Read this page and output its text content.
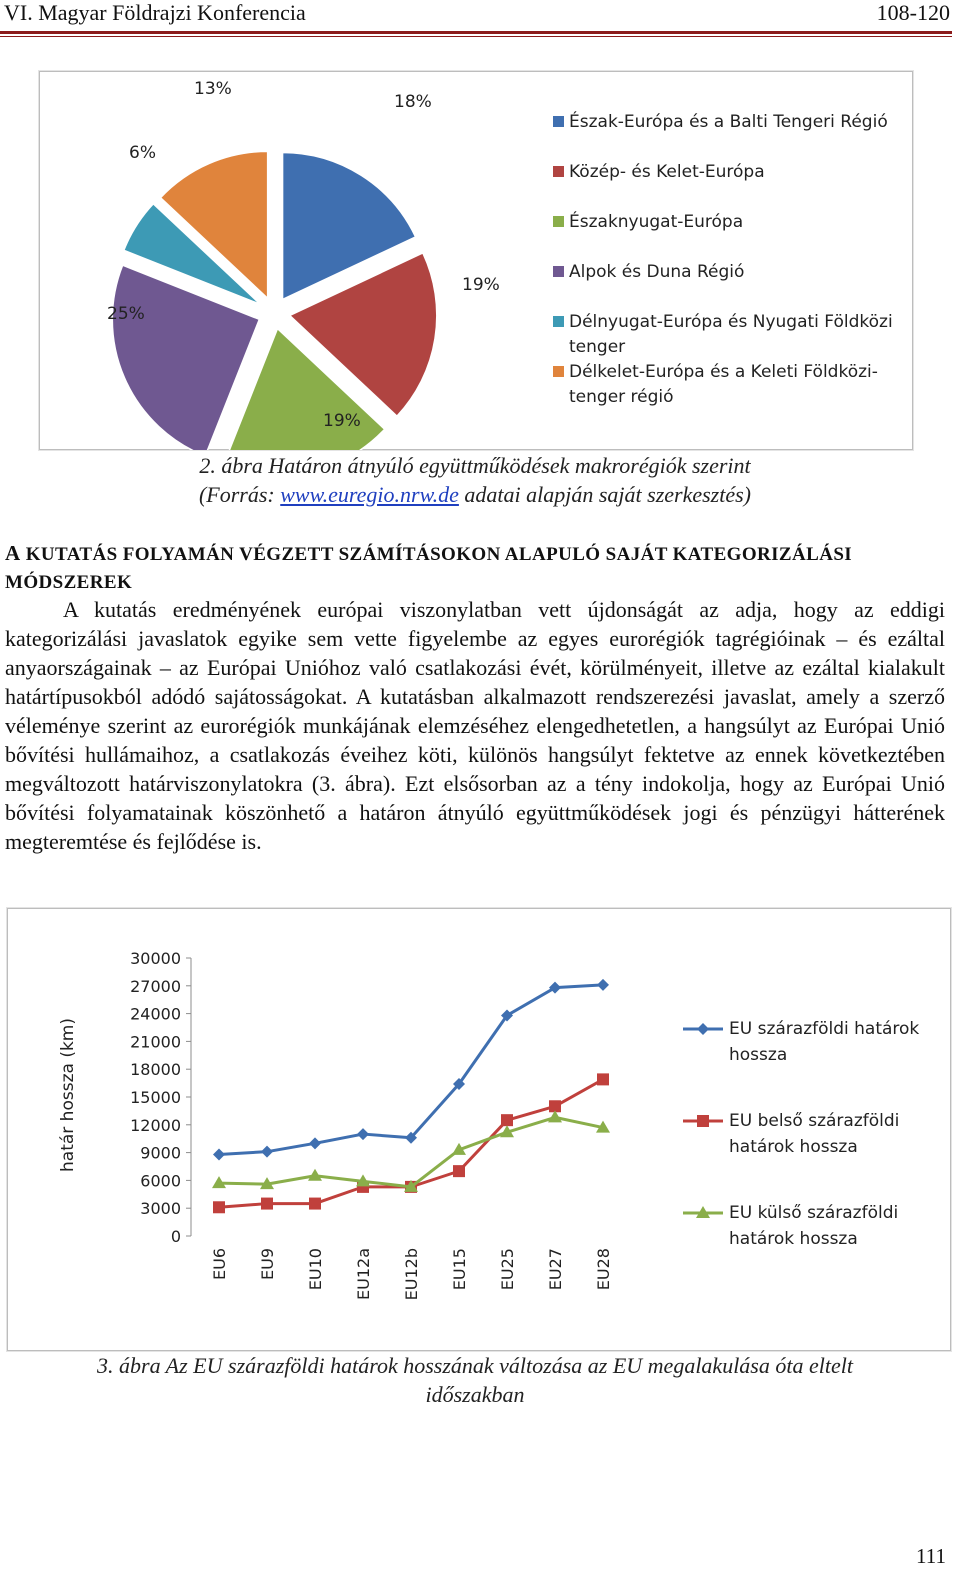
VI. Magyar Földrajzi Konferencia	108-120
18%
19%
19%
25%
6%
13%
Észak-Európa és a Balti Tengeri Régió
Közép- és Kelet-Európa
Északnyugat-Európa
Alpok és Duna Régió
Délnyugat-Európa és Nyugati Földközi
tenger
Délkelet-Európa és a Keleti Földközi-
tenger régió
2. ábra Határon átnyúló együttműködések makrorégiók szerint
(Forrás: www.euregio.nrw.de adatai alapján saját szerkesztés)
A KUTATÁS FOLYAMÁN VÉGZETT SZÁMÍTÁSOKON ALAPULÓ SAJÁT KATEGORIZÁLÁSI MÓDSZEREK
A kutatás eredményének európai viszonylatban vett újdonságát az adja, hogy az eddigi kategorizálási javaslatok egyike sem vette figyelembe az egyes eurorégiók tagrégióinak – és ezáltal anyaországainak – az Európai Unióhoz való csatlakozási évét, körülményeit, illetve az ezáltal kialakult határtípusokból adódó sajátosságokat. A kutatásban alkalmazott rendszerezési javaslat, amely a szerző véleménye szerint az eurorégiók munkájának elemzéséhez elengedhetetlen, a hangsúlyt az Európai Unió bővítési hullámaihoz, a csatlakozás éveihez köti, különös hangsúlyt fektetve az ennek következtében megváltozott határviszonylatokra (3. ábra). Ezt elsősorban az a tény indokolja, hogy az Európai Unió bővítési folyamatainak köszönhető a határon átnyúló együttműködések jogi és pénzügyi hátterének megteremtése és fejlődése is.
határ hossza (km)
0
3000
6000
9000
12000
15000
18000
21000
24000
27000
30000
EU6 EU9 EU10 EU12a EU12b EU15 EU25 EU27 EU28
EU szárazföldi határok
hossza
EU belső szárazföldi
határok hossza
EU külső szárazföldi
határok hossza
3. ábra Az EU szárazföldi határok hosszának változása az EU megalakulása óta eltelt
időszakban
111
